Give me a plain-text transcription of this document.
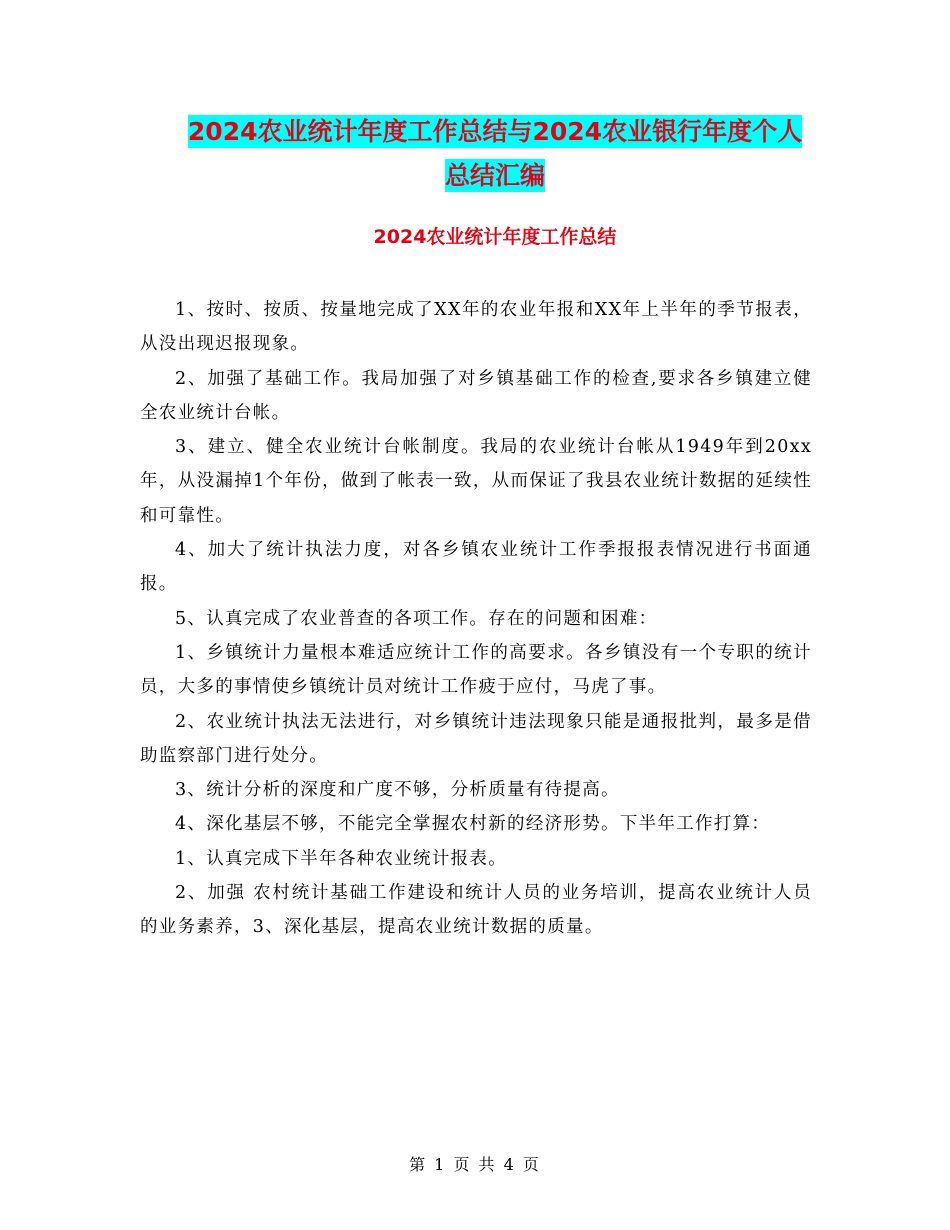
2024农业统计年度工作总结与2024农业银行年度个人
总结汇编
2024农业统计年度工作总结

1、按时、按质、按量地完成了XX年的农业年报和XX年上半年的季节报表，从没出现迟报现象。

2、加强了基础工作。我局加强了对乡镇基础工作的检查,要求各乡镇建立健全农业统计台帐。

3、建立、健全农业统计台帐制度。我局的农业统计台帐从1949年到20xx年，从没漏掉1个年份，做到了帐表一致，从而保证了我县农业统计数据的延续性和可靠性。

4、加大了统计执法力度，对各乡镇农业统计工作季报报表情况进行书面通报。

5、认真完成了农业普查的各项工作。存在的问题和困难：

1、乡镇统计力量根本难适应统计工作的高要求。各乡镇没有一个专职的统计员，大多的事情使乡镇统计员对统计工作疲于应付，马虎了事。

2、农业统计执法无法进行，对乡镇统计违法现象只能是通报批判，最多是借助监察部门进行处分。

3、统计分析的深度和广度不够，分析质量有待提高。

4、深化基层不够，不能完全掌握农村新的经济形势。下半年工作打算：

1、认真完成下半年各种农业统计报表。

2、加强 农村统计基础工作建设和统计人员的业务培训，提高农业统计人员的业务素养，3、深化基层，提高农业统计数据的质量。

第 1 页 共 4 页
